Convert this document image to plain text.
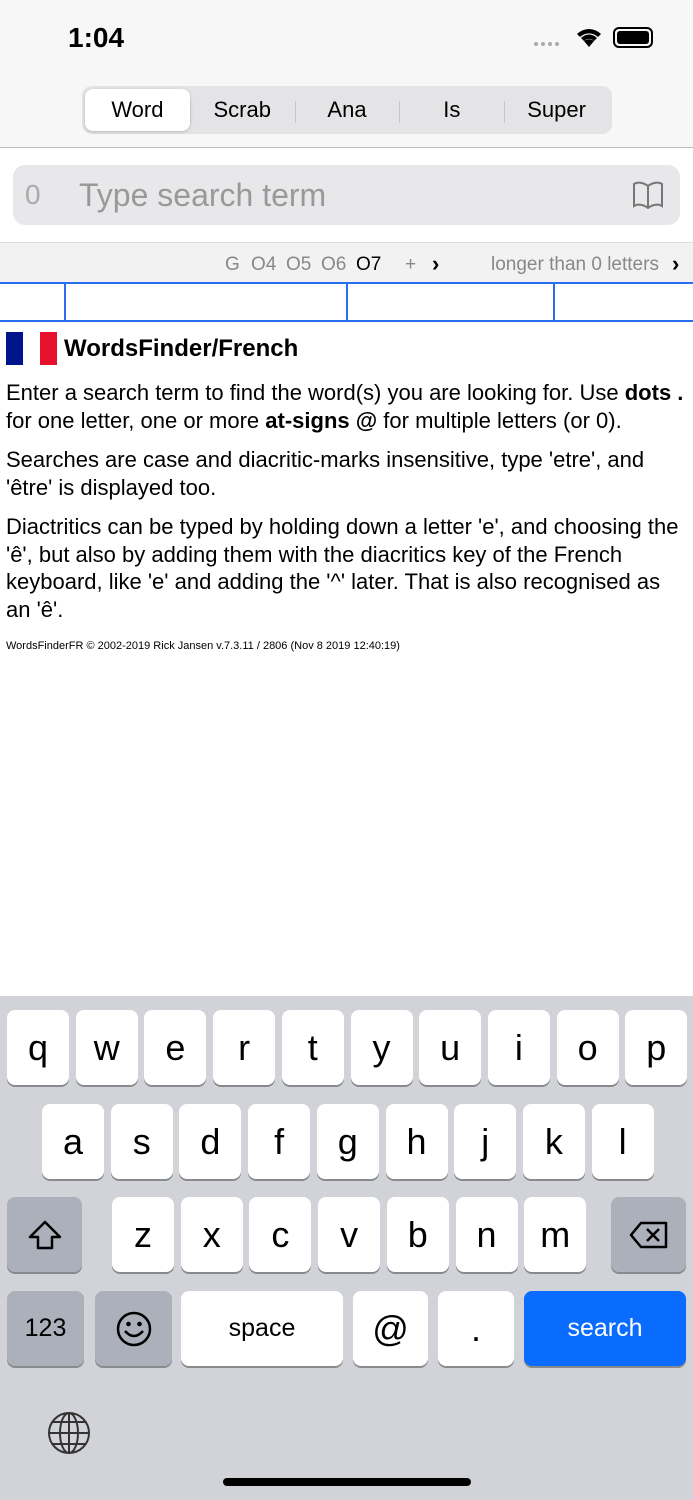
1:04
Word	Scrab	Ana	Is	Super
0 Type search term
G O4 O5 O6 O7 + ›	longer than 0 letters ›
WordsFinder/French

Enter a search term to find the word(s) you are looking for. Use dots . for one letter, one or more at-signs @ for multiple letters (or 0).

Searches are case and diacritic-marks insensitive, type 'etre', and 'être' is displayed too.

Diactritics can be typed by holding down a letter 'e', and choosing the 'ê', but also by adding them with the diacritics key of the French keyboard, like 'e' and adding the '^' later. That is also recognised as an 'ê'.

WordsFinderFR © 2002-2019 Rick Jansen v.7.3.11 / 2806 (Nov 8 2019 12:40:19)
q	w	e	r	t	y	u	i	o	p
a	s	d	f	g	h	j	k	l
z	x	c	v	b	n	m
123	space	@	.	search
